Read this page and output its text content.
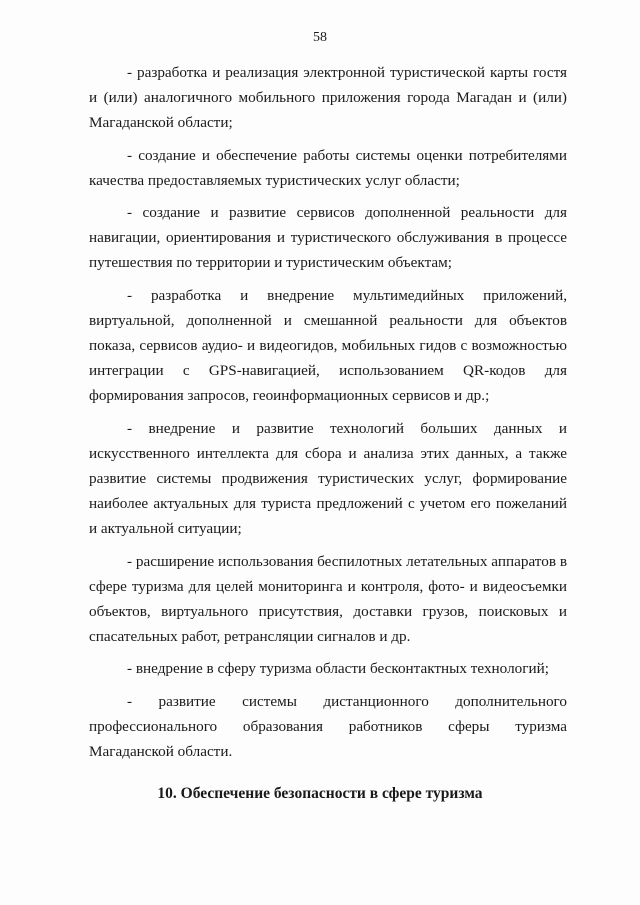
58

- разработка и реализация электронной туристической карты гостя и (или) аналогичного мобильного приложения города Магадан и (или) Магаданской области;

- создание и обеспечение работы системы оценки потребителями качества предоставляемых туристических услуг области;

- создание и развитие сервисов дополненной реальности для навигации, ориентирования и туристического обслуживания в процессе путешествия по территории и туристическим объектам;

- разработка и внедрение мультимедийных приложений, виртуальной, дополненной и смешанной реальности для объектов показа, сервисов аудио- и видеогидов, мобильных гидов с возможностью интеграции с GPS-навигацией, использованием QR-кодов для формирования запросов, геоинформационных сервисов и др.;

- внедрение и развитие технологий больших данных и искусственного интеллекта для сбора и анализа этих данных, а также развитие системы продвижения туристических услуг, формирование наиболее актуальных для туриста предложений с учетом его пожеланий и актуальной ситуации;

- расширение использования беспилотных летательных аппаратов в сфере туризма для целей мониторинга и контроля, фото- и видеосъемки объектов, виртуального присутствия, доставки грузов, поисковых и спасательных работ, ретрансляции сигналов и др.

- внедрение в сферу туризма области бесконтактных технологий;

- развитие системы дистанционного дополнительного профессионального образования работников сферы туризма Магаданской области.

10. Обеспечение безопасности в сфере туризма
